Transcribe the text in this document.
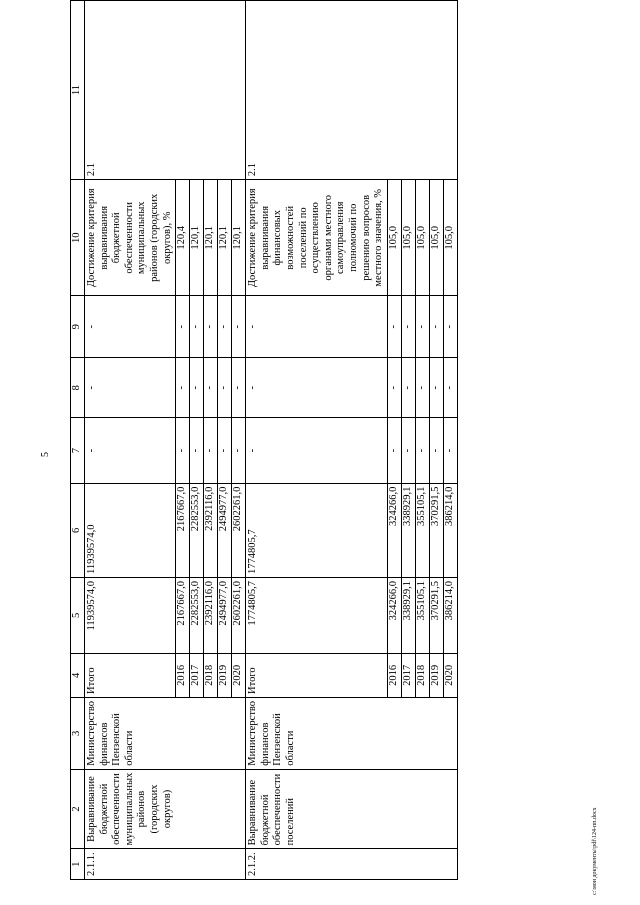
5
1	2	3	4	5	6	7	8	9	10	11
2.1.1.	Выравнивание бюджетной обеспеченности муниципальных районов (городских округов)	Министерство финансов Пензенской области	Итого	11939574,0	11939574,0	-	-	-	Достижение критерия выравнивания бюджетной обеспеченности муниципальных районов (городских округов), %	2.1
			2016	2167667,0	2167667,0	-	-	-	120,4	
			2017	2282553,0	2282553,0	-	-	-	120,1	
			2018	2392116,0	2392116,0	-	-	-	120,1	
			2019	2494977,0	2494977,0	-	-	-	120,1	
			2020	2602261,0	2602261,0	-	-	-	120,1	
2.1.2.	Выравнивание бюджетной обеспеченности поселений	Министерство финансов Пензенской области	Итого	1774805,7	1774805,7	-	-	-	Достижение критерия выравнивания финансовых возможностей поселений по осуществлению органами местного самоуправления полномочий по решению вопросов местного значения, %	2.1
			2016	324266,0	324266,0	-	-	-	105,0	
			2017	338929,1	338929,1	-	-	-	105,0	
			2018	355105,1	355105,1	-	-	-	105,0	
			2019	370291,5	370291,5	-	-	-	105,0	
			2020	386214,0	386214,0	-	-	-	105,0	
c:\мои документы\pdf\124-пп.docx
